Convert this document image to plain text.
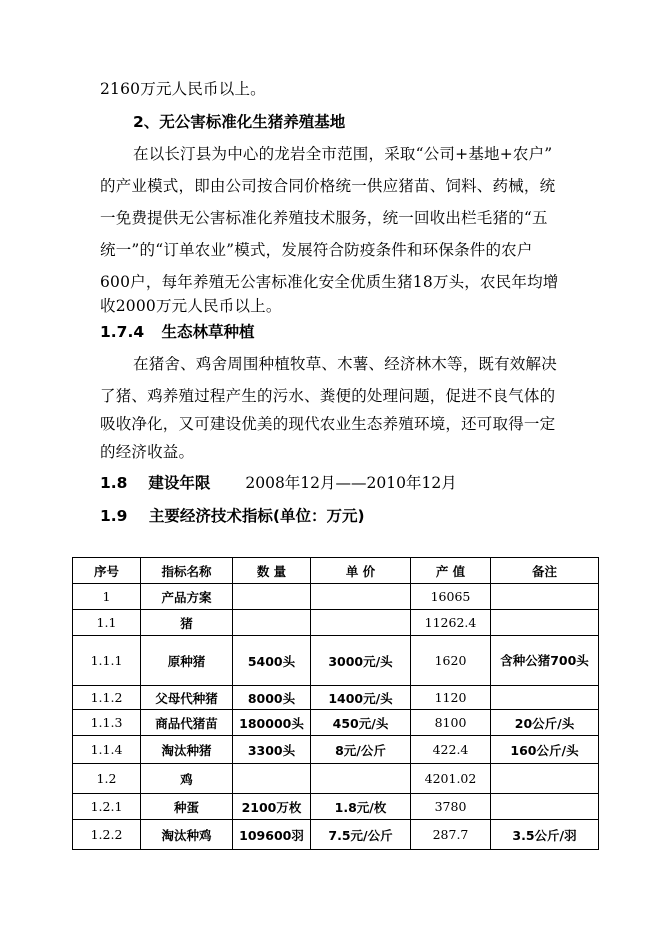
2160万元人民币以上。
2、无公害标准化生猪养殖基地
在以长汀县为中心的龙岩全市范围，采取“公司+基地+农户”
的产业模式，即由公司按合同价格统一供应猪苗、饲料、药械，统
一免费提供无公害标准化养殖技术服务，统一回收出栏毛猪的“五
统一”的“订单农业”模式，发展符合防疫条件和环保条件的农户
600户，每年养殖无公害标准化安全优质生猪18万头，农民年均增
收2000万元人民币以上。
1.7.4 生态林草种植
在猪舍、鸡舍周围种植牧草、木薯、经济林木等，既有效解决
了猪、鸡养殖过程产生的污水、粪便的处理问题，促进不良气体的
吸收净化，又可建设优美的现代农业生态养殖环境，还可取得一定
的经济收益。
1.8 建设年限 2008年12月——2010年12月
1.9 主要经济技术指标(单位：万元)
序号	指标名称	数 量	单 价	产 值	备注
1	产品方案			16065	
1.1	猪			11262.4	
1.1.1	原种猪	5400头	3000元/头	1620	含种公猪700头
1.1.2	父母代种猪	8000头	1400元/头	1120	
1.1.3	商品代猪苗	180000头	450元/头	8100	20公斤/头
1.1.4	淘汰种猪	3300头	8元/公斤	422.4	160公斤/头
1.2	鸡			4201.02	
1.2.1	种蛋	2100万枚	1.8元/枚	3780	
1.2.2	淘汰种鸡	109600羽	7.5元/公斤	287.7	3.5公斤/羽
